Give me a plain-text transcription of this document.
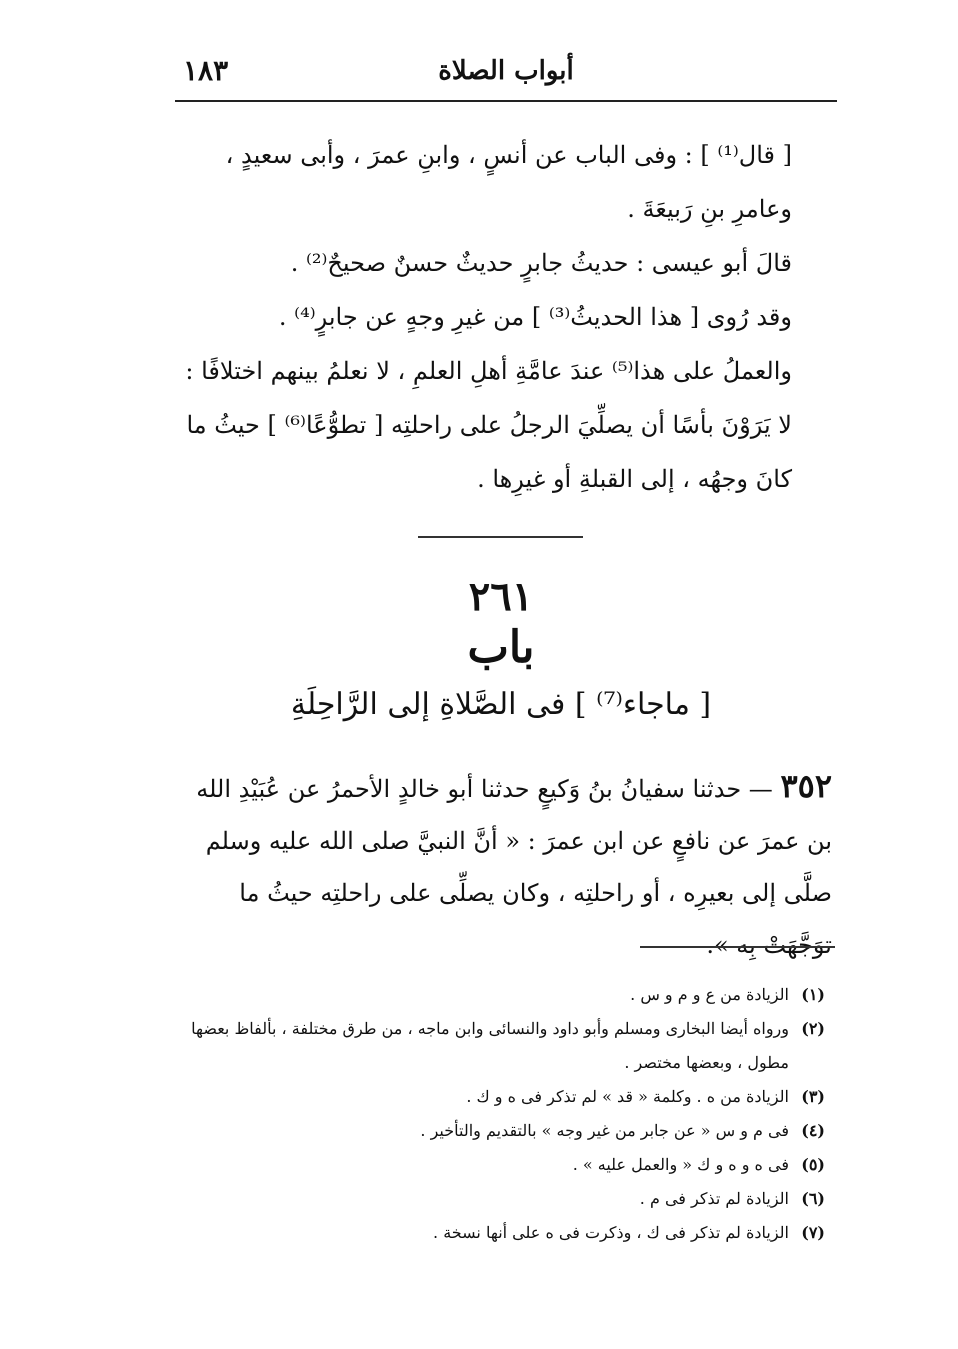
١٨٣	أبواب الصلاة

[ قال⁽¹⁾ ] : وفى الباب عن أنسٍ ، وابنِ عمرَ ، وأبى سعيدٍ ، وعامرِ بنِ رَبيعَةَ .

قالَ أبو عيسى : حديثُ جابرٍ حديثٌ حسنٌ صحيحٌ⁽²⁾ .

وقد رُوى [ هذا الحديثُ⁽³⁾ ] من غيرِ وجهٍ عن جابرٍ⁽⁴⁾ .

والعملُ على هذا⁽⁵⁾ عندَ عامَّةِ أهلِ العلمِ ، لا نعلمُ بينهم اختلافًا : لا يَرَوْنَ بأسًا أن يصلِّيَ الرجلُ على راحلتِه [ تطوُّعًا⁽⁶⁾ ] حيثُ ما كانَ وجهُه ، إلى القبلةِ أو غيرِها .

٢٦١
باب
[ ماجاء⁽⁷⁾ ] فى الصَّلاةِ إلى الرَّاحِلَةِ
٣٥٢ — حدثنا سفيانُ بنُ وَكيعٍ حدثنا أبو خالدٍ الأحمرُ عن عُبَيْدِ الله بن عمرَ عن نافعٍ عن ابن عمرَ : « أنَّ النبيَّ صلى الله عليه وسلم صلَّى إلى بعيرِه ، أو راحلتِه ، وكان يصلِّى على راحلتِه حيثُ ما توَجَّهَتْ بِه ».
(١)
الزيادة من ع و م و س .
(٢)
ورواه أيضا البخارى ومسلم وأبو داود والنسائى وابن ماجه ، من طرق مختلفة ، بألفاظ بعضها مطول ، وبعضها مختصر .
(٣)
الزيادة من ه . وكلمة « قد » لم تذكر فى ه و ك .
(٤)
فى م و س « عن جابر من غير وجه » بالتقديم والتأخير .
(٥)
فى ه و ه و ك « والعمل عليه » .
(٦)
الزيادة لم تذكر فى م .
(٧)
الزيادة لم تذكر فى ك ، وذكرت فى ه على أنها نسخة .
